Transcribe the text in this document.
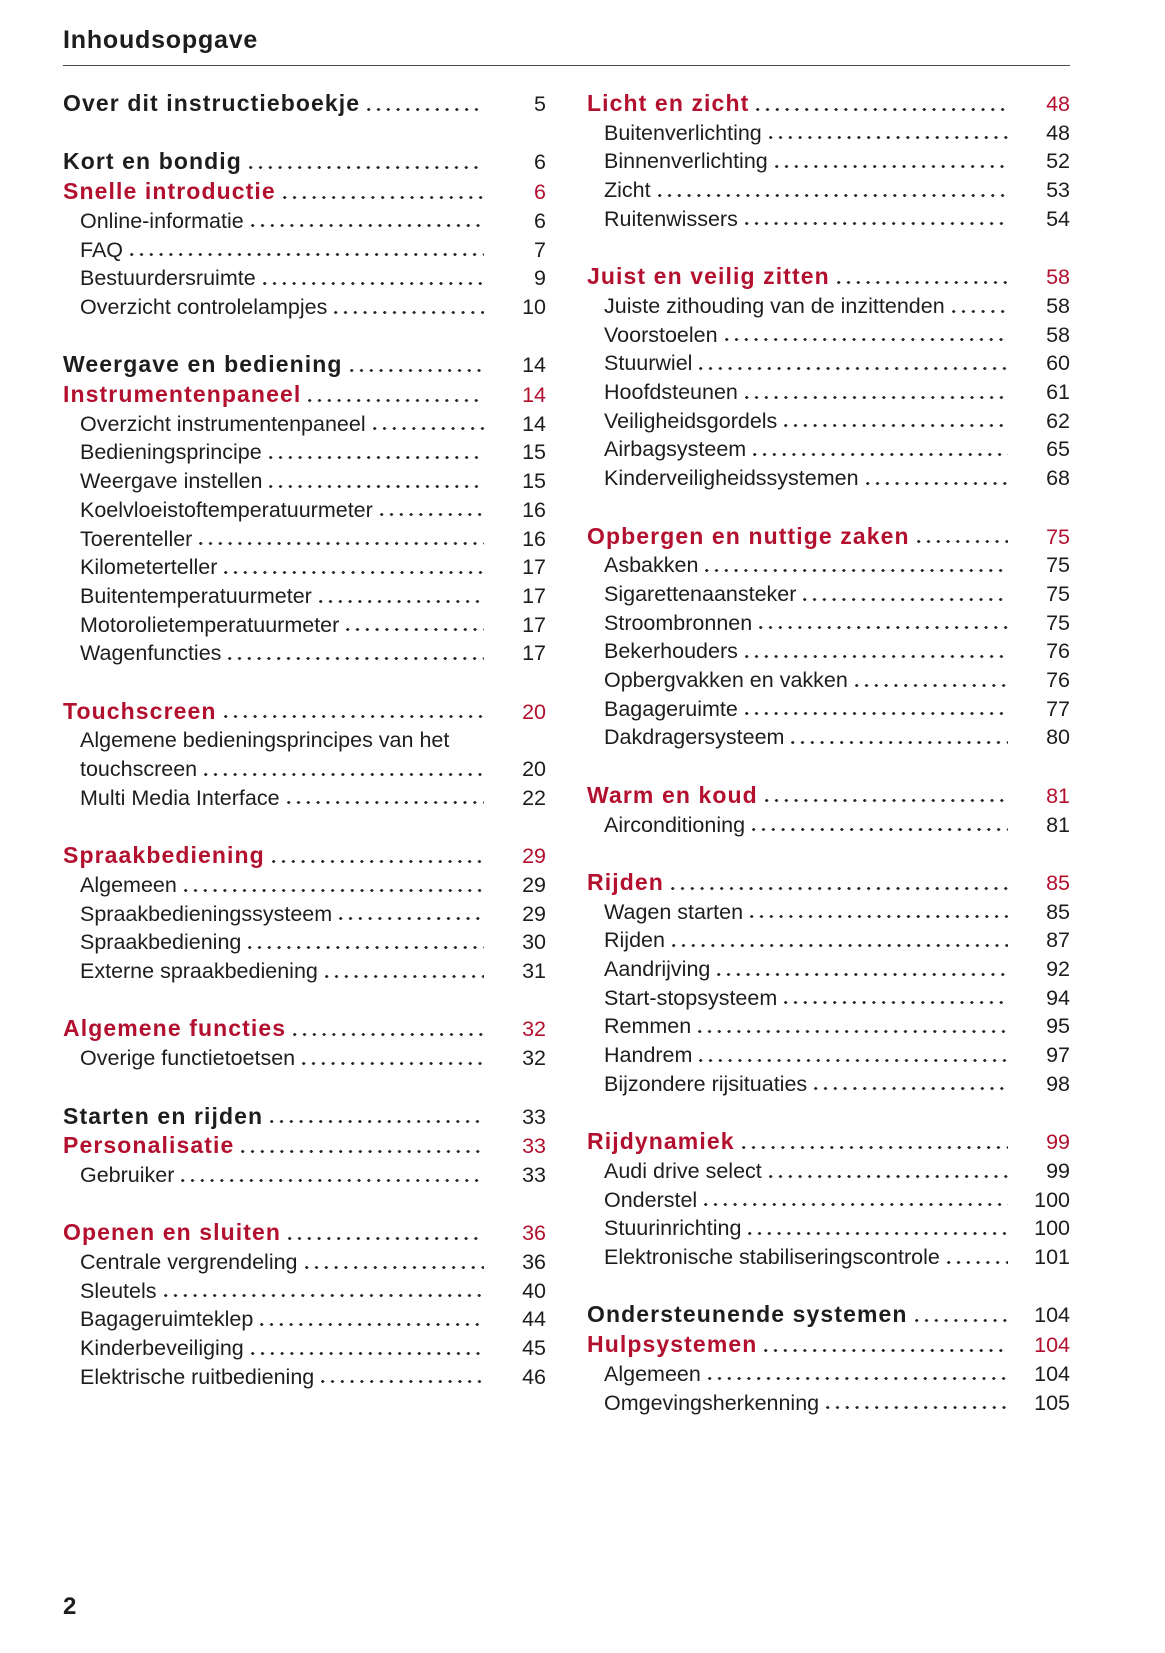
Inhoudsopgave
Over dit instructieboekje	5
Kort en bondig	6
Snelle introductie	6
Online-informatie	6
FAQ	7
Bestuurdersruimte	9
Overzicht controlelampjes	10
Weergave en bediening	14
Instrumentenpaneel	14
Overzicht instrumentenpaneel	14
Bedieningsprincipe	15
Weergave instellen	15
Koelvloeistoftemperatuurmeter	16
Toerenteller	16
Kilometerteller	17
Buitentemperatuurmeter	17
Motorolietemperatuurmeter	17
Wagenfuncties	17
Touchscreen	20
Algemene bedieningsprincipes van het
touchscreen	20
Multi Media Interface	22
Spraakbediening	29
Algemeen	29
Spraakbedieningssysteem	29
Spraakbediening	30
Externe spraakbediening	31
Algemene functies	32
Overige functietoetsen	32
Starten en rijden	33
Personalisatie	33
Gebruiker	33
Openen en sluiten	36
Centrale vergrendeling	36
Sleutels	40
Bagageruimteklep	44
Kinderbeveiliging	45
Elektrische ruitbediening	46
Licht en zicht	48
Buitenverlichting	48
Binnenverlichting	52
Zicht	53
Ruitenwissers	54
Juist en veilig zitten	58
Juiste zithouding van de inzittenden	58
Voorstoelen	58
Stuurwiel	60
Hoofdsteunen	61
Veiligheidsgordels	62
Airbagsysteem	65
Kinderveiligheidssystemen	68
Opbergen en nuttige zaken	75
Asbakken	75
Sigarettenaansteker	75
Stroombronnen	75
Bekerhouders	76
Opbergvakken en vakken	76
Bagageruimte	77
Dakdragersysteem	80
Warm en koud	81
Airconditioning	81
Rijden	85
Wagen starten	85
Rijden	87
Aandrijving	92
Start-stopsysteem	94
Remmen	95
Handrem	97
Bijzondere rijsituaties	98
Rijdynamiek	99
Audi drive select	99
Onderstel	100
Stuurinrichting	100
Elektronische stabiliseringscontrole	101
Ondersteunende systemen	104
Hulpsystemen	104
Algemeen	104
Omgevingsherkenning	105
2
